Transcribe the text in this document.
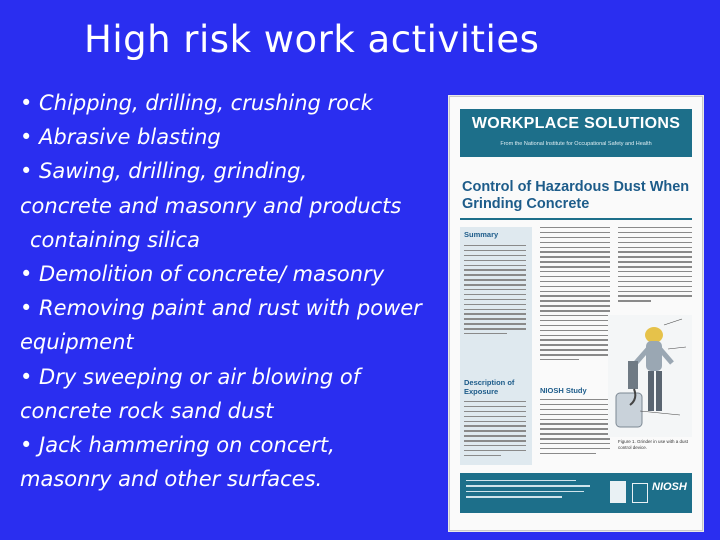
High risk work activities
• Chipping, drilling, crushing rock
• Abrasive blasting
• Sawing, drilling, grinding,
concrete and masonry and products
containing silica
• Demolition of concrete/ masonry
• Removing paint and rust with power
equipment
• Dry sweeping or air blowing of
concrete rock sand dust
• Jack hammering on concert,
masonry and other surfaces.
WORKPLACE SOLUTIONS
From the National Institute for Occupational Safety and Health
Control of Hazardous Dust When
Grinding Concrete
Summary
Description of
Exposure	NIOSH Study
Figure 1. Grinder in use with a dust control device.
NIOSH
